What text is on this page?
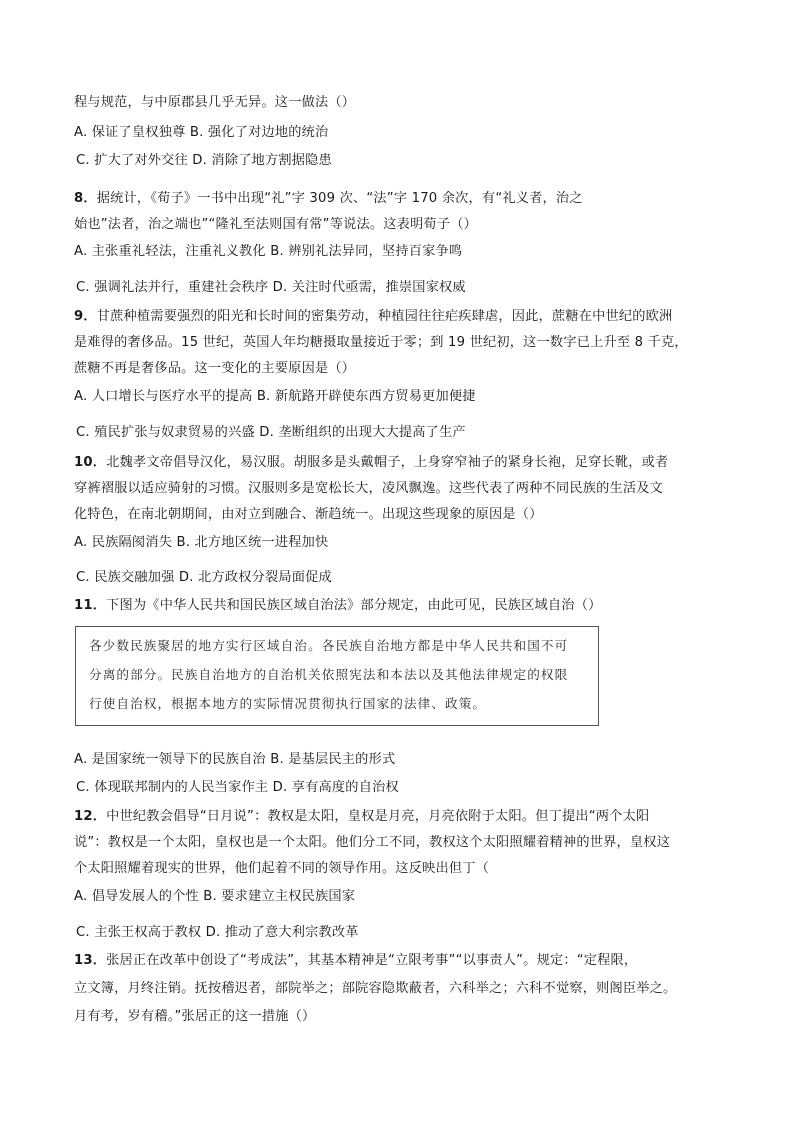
程与规范，与中原郡县几乎无异。这一做法（）
A. 保证了皇权独尊 B. 强化了对边地的统治
C. 扩大了对外交往 D. 消除了地方割据隐患
8．据统计，《荀子》一书中出现“礼”字 309 次、“法”字 170 余次，有“礼义者，治之
始也”法者，治之端也”“隆礼至法则国有常”等说法。这表明荀子（）
A. 主张重礼轻法，注重礼义教化 B. 辨别礼法异同，坚持百家争鸣
C. 强调礼法并行，重建社会秩序 D. 关注时代亟需，推崇国家权威
9．甘蔗种植需要强烈的阳光和长时间的密集劳动，种植园往往疟疾肆虐，因此，蔗糖在中世纪的欧洲
是难得的奢侈品。15 世纪，英国人年均糖摄取量接近于零；到 19 世纪初，这一数字已上升至 8 千克，
蔗糖不再是奢侈品。这一变化的主要原因是（）
A. 人口增长与医疗水平的提高 B. 新航路开辟使东西方贸易更加便捷
C. 殖民扩张与奴隶贸易的兴盛 D. 垄断组织的出现大大提高了生产
10．北魏孝文帝倡导汉化，易汉服。胡服多是头戴帽子，上身穿窄袖子的紧身长袍，足穿长靴，或者
穿裤褶服以适应骑射的习惯。汉服则多是宽松长大，凌风飘逸。这些代表了两种不同民族的生活及文
化特色，在南北朝期间，由对立到融合、渐趋统一。出现这些现象的原因是（）
A. 民族隔阂消失 B. 北方地区统一进程加快
C. 民族交融加强 D. 北方政权分裂局面促成
11．下图为《中华人民共和国民族区域自治法》部分规定，由此可见，民族区域自治（）
各少数民族聚居的地方实行区域自治。各民族自治地方都是中华人民共和国不可
分离的部分。民族自治地方的自治机关依照宪法和本法以及其他法律规定的权限
行使自治权，根据本地方的实际情况贯彻执行国家的法律、政策。
A. 是国家统一领导下的民族自治 B. 是基层民主的形式
C. 体现联邦制内的人民当家作主 D. 享有高度的自治权
12．中世纪教会倡导“日月说”：教权是太阳，皇权是月亮，月亮依附于太阳。但丁提出“两个太阳
说”：教权是一个太阳，皇权也是一个太阳。他们分工不同，教权这个太阳照耀着精神的世界，皇权这
个太阳照耀着现实的世界，他们起着不同的领导作用。这反映出但丁（
A. 倡导发展人的个性 B. 要求建立主权民族国家
C. 主张王权高于教权 D. 推动了意大利宗教改革
13．张居正在改革中创设了“考成法”，其基本精神是“立限考事”“以事责人”。规定：“定程限，
立文簿，月终注销。抚按稽迟者，部院举之；部院容隐欺蔽者，六科举之；六科不觉察，则阁臣举之。
月有考，岁有稽。”张居正的这一措施（）
